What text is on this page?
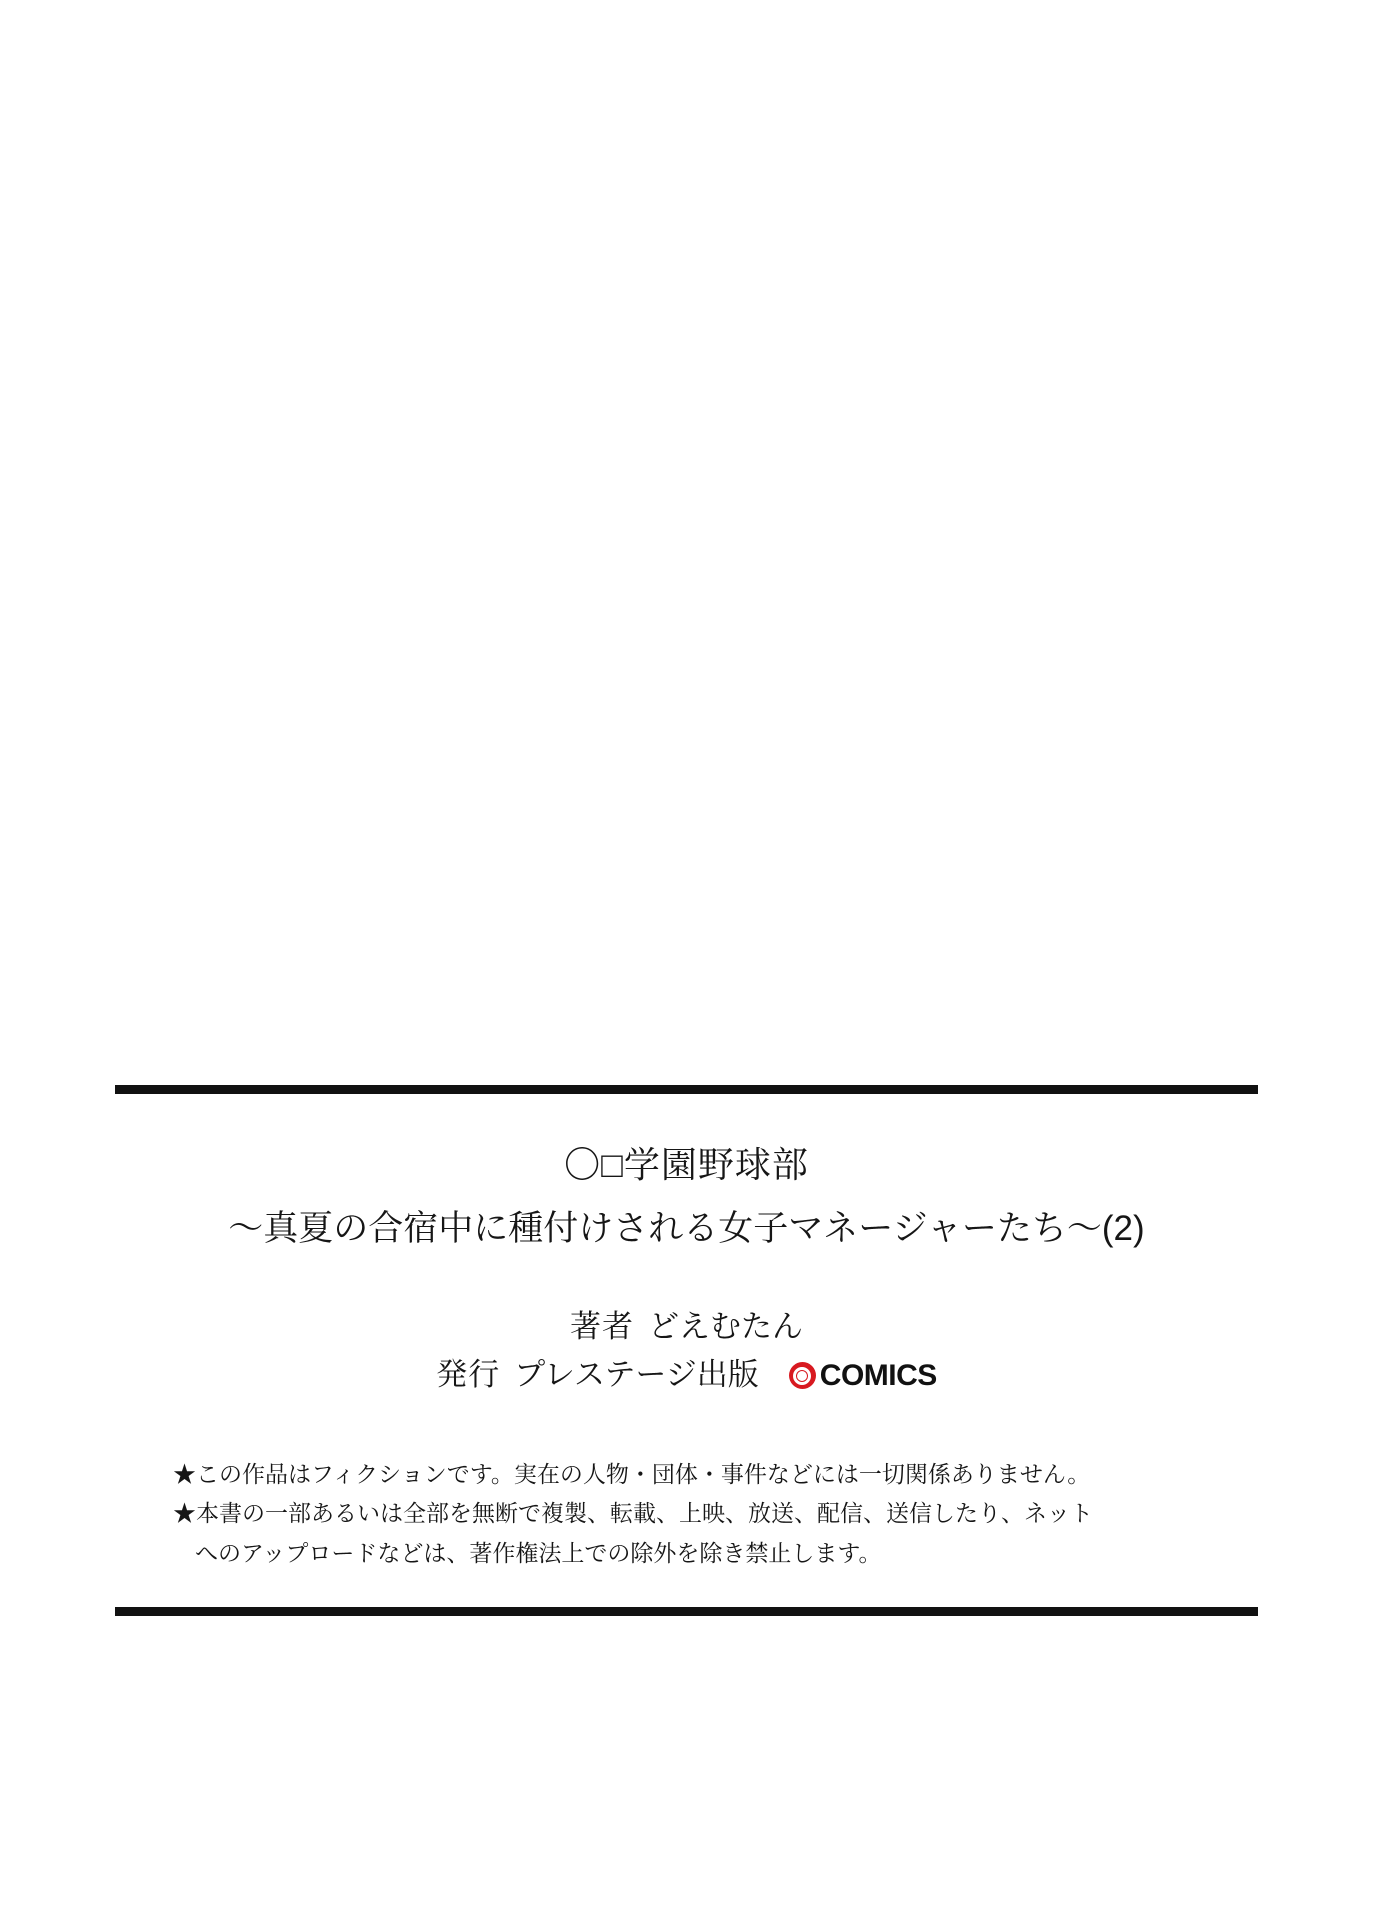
〇□学園野球部
〜真夏の合宿中に種付けされる女子マネージャーたち〜(2)
著者 どえむたん
発行 プレステージ出版 COMICS
★この作品はフィクションです。実在の人物・団体・事件などには一切関係ありません。
★本書の一部あるいは全部を無断で複製、転載、上映、放送、配信、送信したり、ネット
へのアップロードなどは、著作権法上での除外を除き禁止します。
